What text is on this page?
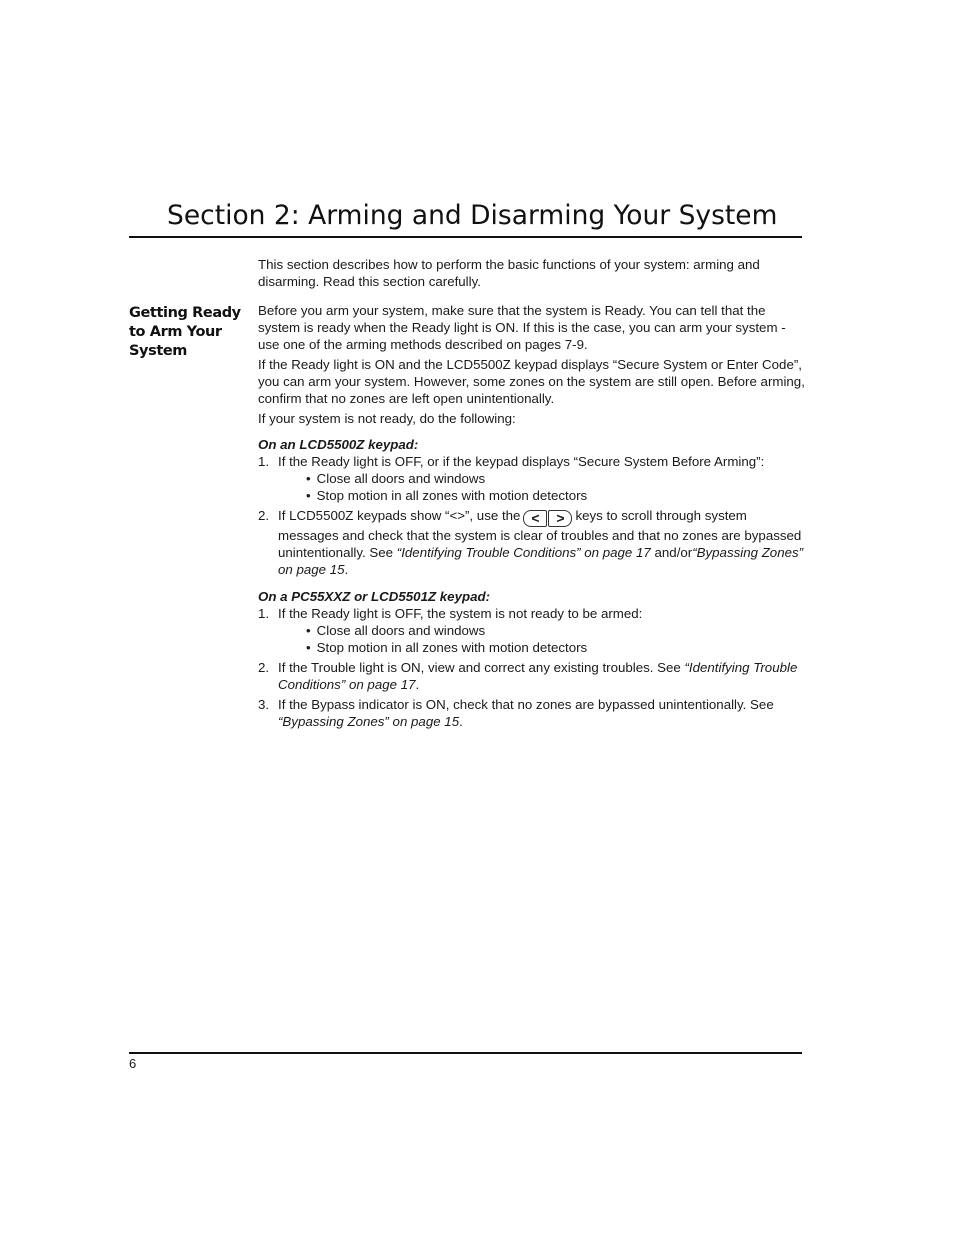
Section 2: Arming and Disarming Your System
Getting Ready to Arm Your System

This section describes how to perform the basic functions of your system: arming and disarming. Read this section carefully.

Before you arm your system, make sure that the system is Ready. You can tell that the system is ready when the Ready light is ON. If this is the case, you can arm your system - use one of the arming methods described on pages 7-9.

If the Ready light is ON and the LCD5500Z keypad displays “Secure System or Enter Code”, you can arm your system. However, some zones on the system are still open. Before arming, confirm that no zones are left open unintentionally.

If your system is not ready, do the following:

On an LCD5500Z keypad:

1. If the Ready light is OFF, or if the keypad displays “Secure System Before Arming”:
• Close all doors and windows
• Stop motion in all zones with motion detectors
2. If LCD5500Z keypads show “<>”, use the <	> keys to scroll through system messages and check that the system is clear of troubles and that no zones are bypassed unintentionally. See “Identifying Trouble Conditions” on page 17 and/or“Bypassing Zones” on page 15.

On a PC55XXZ or LCD5501Z keypad:

1. If the Ready light is OFF, the system is not ready to be armed:
• Close all doors and windows
• Stop motion in all zones with motion detectors
2. If the Trouble light is ON, view and correct any existing troubles. See “Identifying Trouble Conditions” on page 17.
3. If the Bypass indicator is ON, check that no zones are bypassed unintentionally. See “Bypassing Zones” on page 15.
6
